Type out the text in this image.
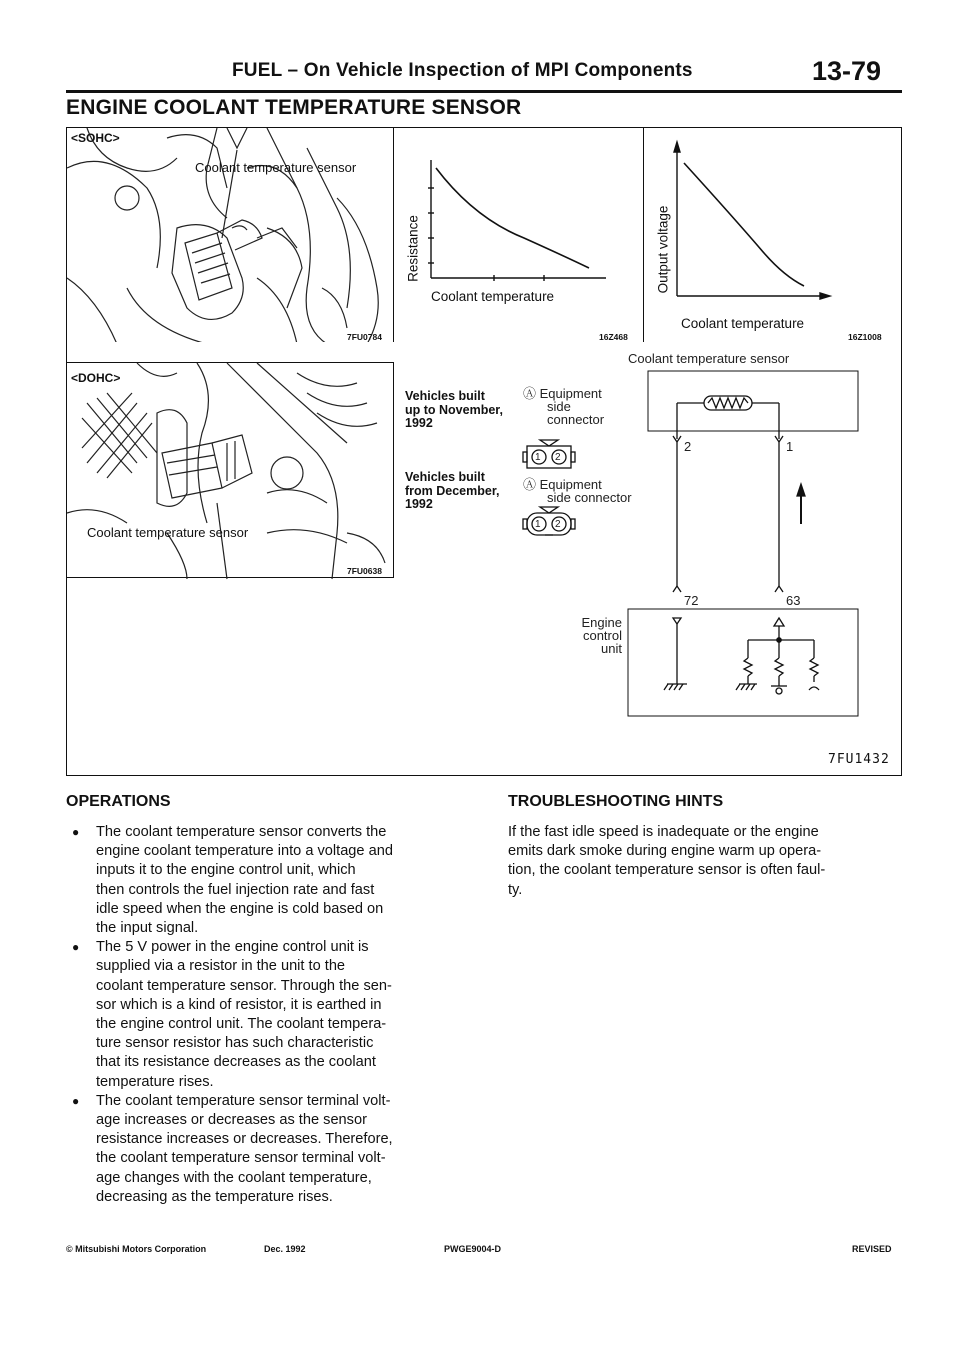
FUEL – On Vehicle Inspection of MPI Components	13-79
ENGINE COOLANT TEMPERATURE SENSOR
<SOHC>
Coolant temperature sensor
7FU0784
Resistance
Coolant temperature
16Z468
Output voltage
Coolant temperature
16Z1008
<DOHC>
Coolant temperature sensor
7FU0638
Coolant temperature sensor
Vehicles built
up to November,
1992
Ⓐ Equipment
side
connector
Vehicles built
from December,
1992
Ⓐ Equipment
side connector
2	1
1 2
1 2
72	63
Engine
control
unit
7FU1432
OPERATIONS
● The coolant temperature sensor converts the

engine coolant temperature into a voltage and

inputs it to the engine control unit, which

then controls the fuel injection rate and fast

idle speed when the engine is cold based on

the input signal.

● The 5 V power in the engine control unit is

supplied via a resistor in the unit to the

coolant temperature sensor. Through the sen-

sor which is a kind of resistor, it is earthed in

the engine control unit. The coolant tempera-

ture sensor resistor has such characteristic

that its resistance decreases as the coolant

temperature rises.

● The coolant temperature sensor terminal volt-

age increases or decreases as the sensor

resistance increases or decreases. Therefore,

the coolant temperature sensor terminal volt-

age changes with the coolant temperature,

decreasing as the temperature rises.

TROUBLESHOOTING HINTS

If the fast idle speed is inadequate or the engine

emits dark smoke during engine warm up opera-

tion, the coolant temperature sensor is often faul-

ty.

© Mitsubishi Motors Corporation	Dec. 1992	PWGE9004-D	REVISED
